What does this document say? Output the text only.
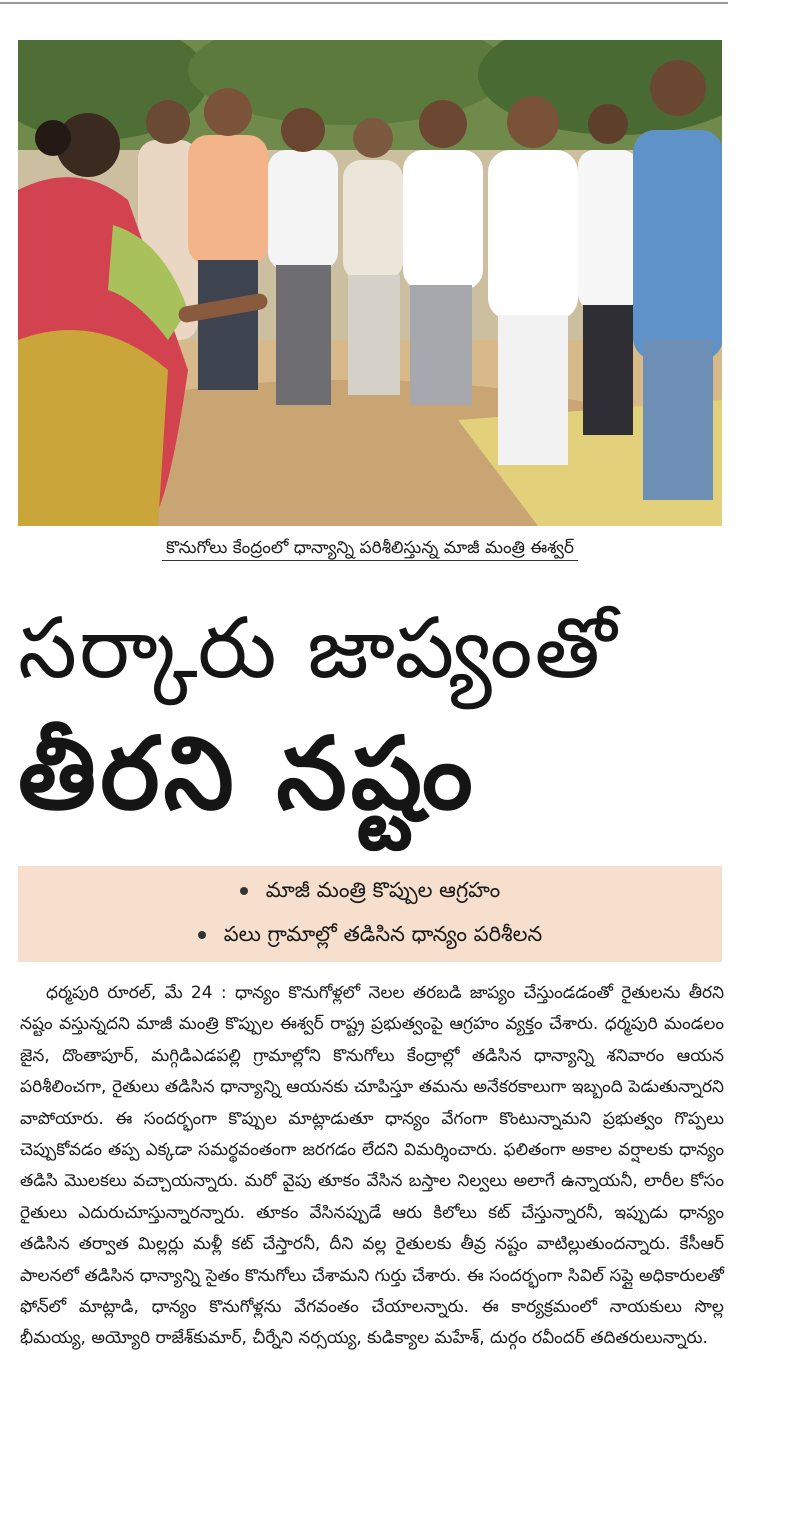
కొనుగోలు కేంద్రంలో ధాన్యాన్ని పరిశీలిస్తున్న మాజీ మంత్రి ఈశ్వర్
సర్కారు జాప్యంతో
తీరని నష్టం
మాజీ మంత్రి కొప్పుల ఆగ్రహం
పలు గ్రామాల్లో తడిసిన ధాన్యం పరిశీలన

ధర్మపురి రూరల్‌, మే 24 : ధాన్యం కొనుగోళ్లలో నెలల తరబడి జాప్యం చేస్తుండడంతో రైతులను తీరని నష్టం వస్తున్నదని మాజీ మంత్రి కొప్పుల ఈశ్వర్‌ రాష్ట్ర ప్రభుత్వంపై ఆగ్రహం వ్యక్తం చేశారు. ధర్మపురి మండలం జైన, దొంతాపూర్‌, మగ్గిడిఎడపల్లి గ్రామాల్లోని కొనుగోలు కేంద్రాల్లో తడిసిన ధాన్యాన్ని శనివారం ఆయన పరిశీలించగా, రైతులు తడిసిన ధాన్యాన్ని ఆయనకు చూపిస్తూ తమను అనేకరకాలుగా ఇబ్బంది పెడుతున్నారని వాపోయారు. ఈ సందర్భంగా కొప్పుల మాట్లాడుతూ ధాన్యం వేగంగా కొంటున్నామని ప్రభుత్వం గొప్పలు చెప్పుకోవడం తప్ప ఎక్కడా సమర్థవంతంగా జరగడం లేదని విమర్శించారు. ఫలితంగా అకాల వర్షాలకు ధాన్యం తడిసి మొలకలు వచ్చాయన్నారు. మరో వైపు తూకం వేసిన బస్తాల నిల్వలు అలాగే ఉన్నాయనీ, లారీల కోసం రైతులు ఎదురుచూస్తున్నారన్నారు. తూకం వేసినప్పుడే ఆరు కిలోలు కట్‌ చేస్తున్నారనీ, ఇప్పుడు ధాన్యం తడిసిన తర్వాత మిల్లర్లు మళ్లీ కట్‌ చేస్తారనీ, దీని వల్ల రైతులకు తీవ్ర నష్టం వాటిల్లుతుందన్నారు. కేసీఆర్‌ పాలనలో తడిసిన ధాన్యాన్ని సైతం కొనుగోలు చేశామని గుర్తు చేశారు. ఈ సందర్భంగా సివిల్‌ సప్లై అధికారులతో ఫోన్‌లో మాట్లాడి, ధాన్యం కొనుగోళ్లను వేగవంతం చేయాలన్నారు. ఈ కార్యక్రమంలో నాయకులు సొల్ల భీమయ్య, అయ్యోరి రాజేశ్‌కుమార్‌, చీర్నేని నర్సయ్య, కుడిక్యాల మహేశ్‌, దుర్గం రవీందర్‌ తదితరులున్నారు.
